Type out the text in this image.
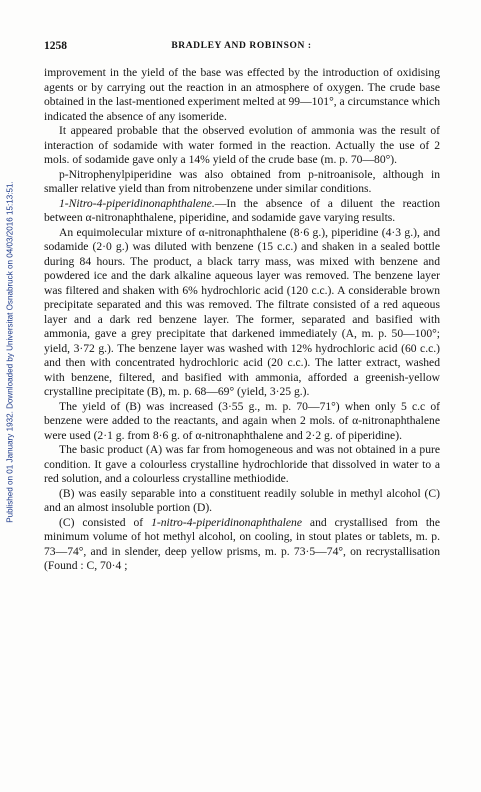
1258	BRADLEY AND ROBINSON :
Published on 01 January 1932. Downloaded by Universitat Osnabruck on 04/03/2016 15:13:51.

improvement in the yield of the base was effected by the introduction of oxidising agents or by carrying out the reaction in an atmosphere of oxygen. The crude base obtained in the last-mentioned experiment melted at 99—101°, a circumstance which indicated the absence of any isomeride.

It appeared probable that the observed evolution of ammonia was the result of interaction of sodamide with water formed in the reaction. Actually the use of 2 mols. of sodamide gave only a 14% yield of the crude base (m. p. 70—80°).

p-Nitrophenylpiperidine was also obtained from p-nitroanisole, although in smaller relative yield than from nitrobenzene under similar conditions.

1-Nitro-4-piperidinonaphthalene.—In the absence of a diluent the reaction between α-nitronaphthalene, piperidine, and sodamide gave varying results.

An equimolecular mixture of α-nitronaphthalene (8·6 g.), piperidine (4·3 g.), and sodamide (2·0 g.) was diluted with benzene (15 c.c.) and shaken in a sealed bottle during 84 hours. The product, a black tarry mass, was mixed with benzene and powdered ice and the dark alkaline aqueous layer was removed. The benzene layer was filtered and shaken with 6% hydrochloric acid (120 c.c.). A considerable brown precipitate separated and this was removed. The filtrate consisted of a red aqueous layer and a dark red benzene layer. The former, separated and basified with ammonia, gave a grey precipitate that darkened immediately (A, m. p. 50—100°; yield, 3·72 g.). The benzene layer was washed with 12% hydrochloric acid (60 c.c.) and then with concentrated hydrochloric acid (20 c.c.). The latter extract, washed with benzene, filtered, and basified with ammonia, afforded a greenish-yellow crystalline precipitate (B), m. p. 68—69° (yield, 3·25 g.).

The yield of (B) was increased (3·55 g., m. p. 70—71°) when only 5 c.c of benzene were added to the reactants, and again when 2 mols. of α-nitronaphthalene were used (2·1 g. from 8·6 g. of α-nitronaphthalene and 2·2 g. of piperidine).

The basic product (A) was far from homogeneous and was not obtained in a pure condition. It gave a colourless crystalline hydrochloride that dissolved in water to a red solution, and a colourless crystalline methiodide.

(B) was easily separable into a constituent readily soluble in methyl alcohol (C) and an almost insoluble portion (D).

(C) consisted of 1-nitro-4-piperidinonaphthalene and crystallised from the minimum volume of hot methyl alcohol, on cooling, in stout plates or tablets, m. p. 73—74°, and in slender, deep yellow prisms, m. p. 73·5—74°, on recrystallisation (Found : C, 70·4 ;
